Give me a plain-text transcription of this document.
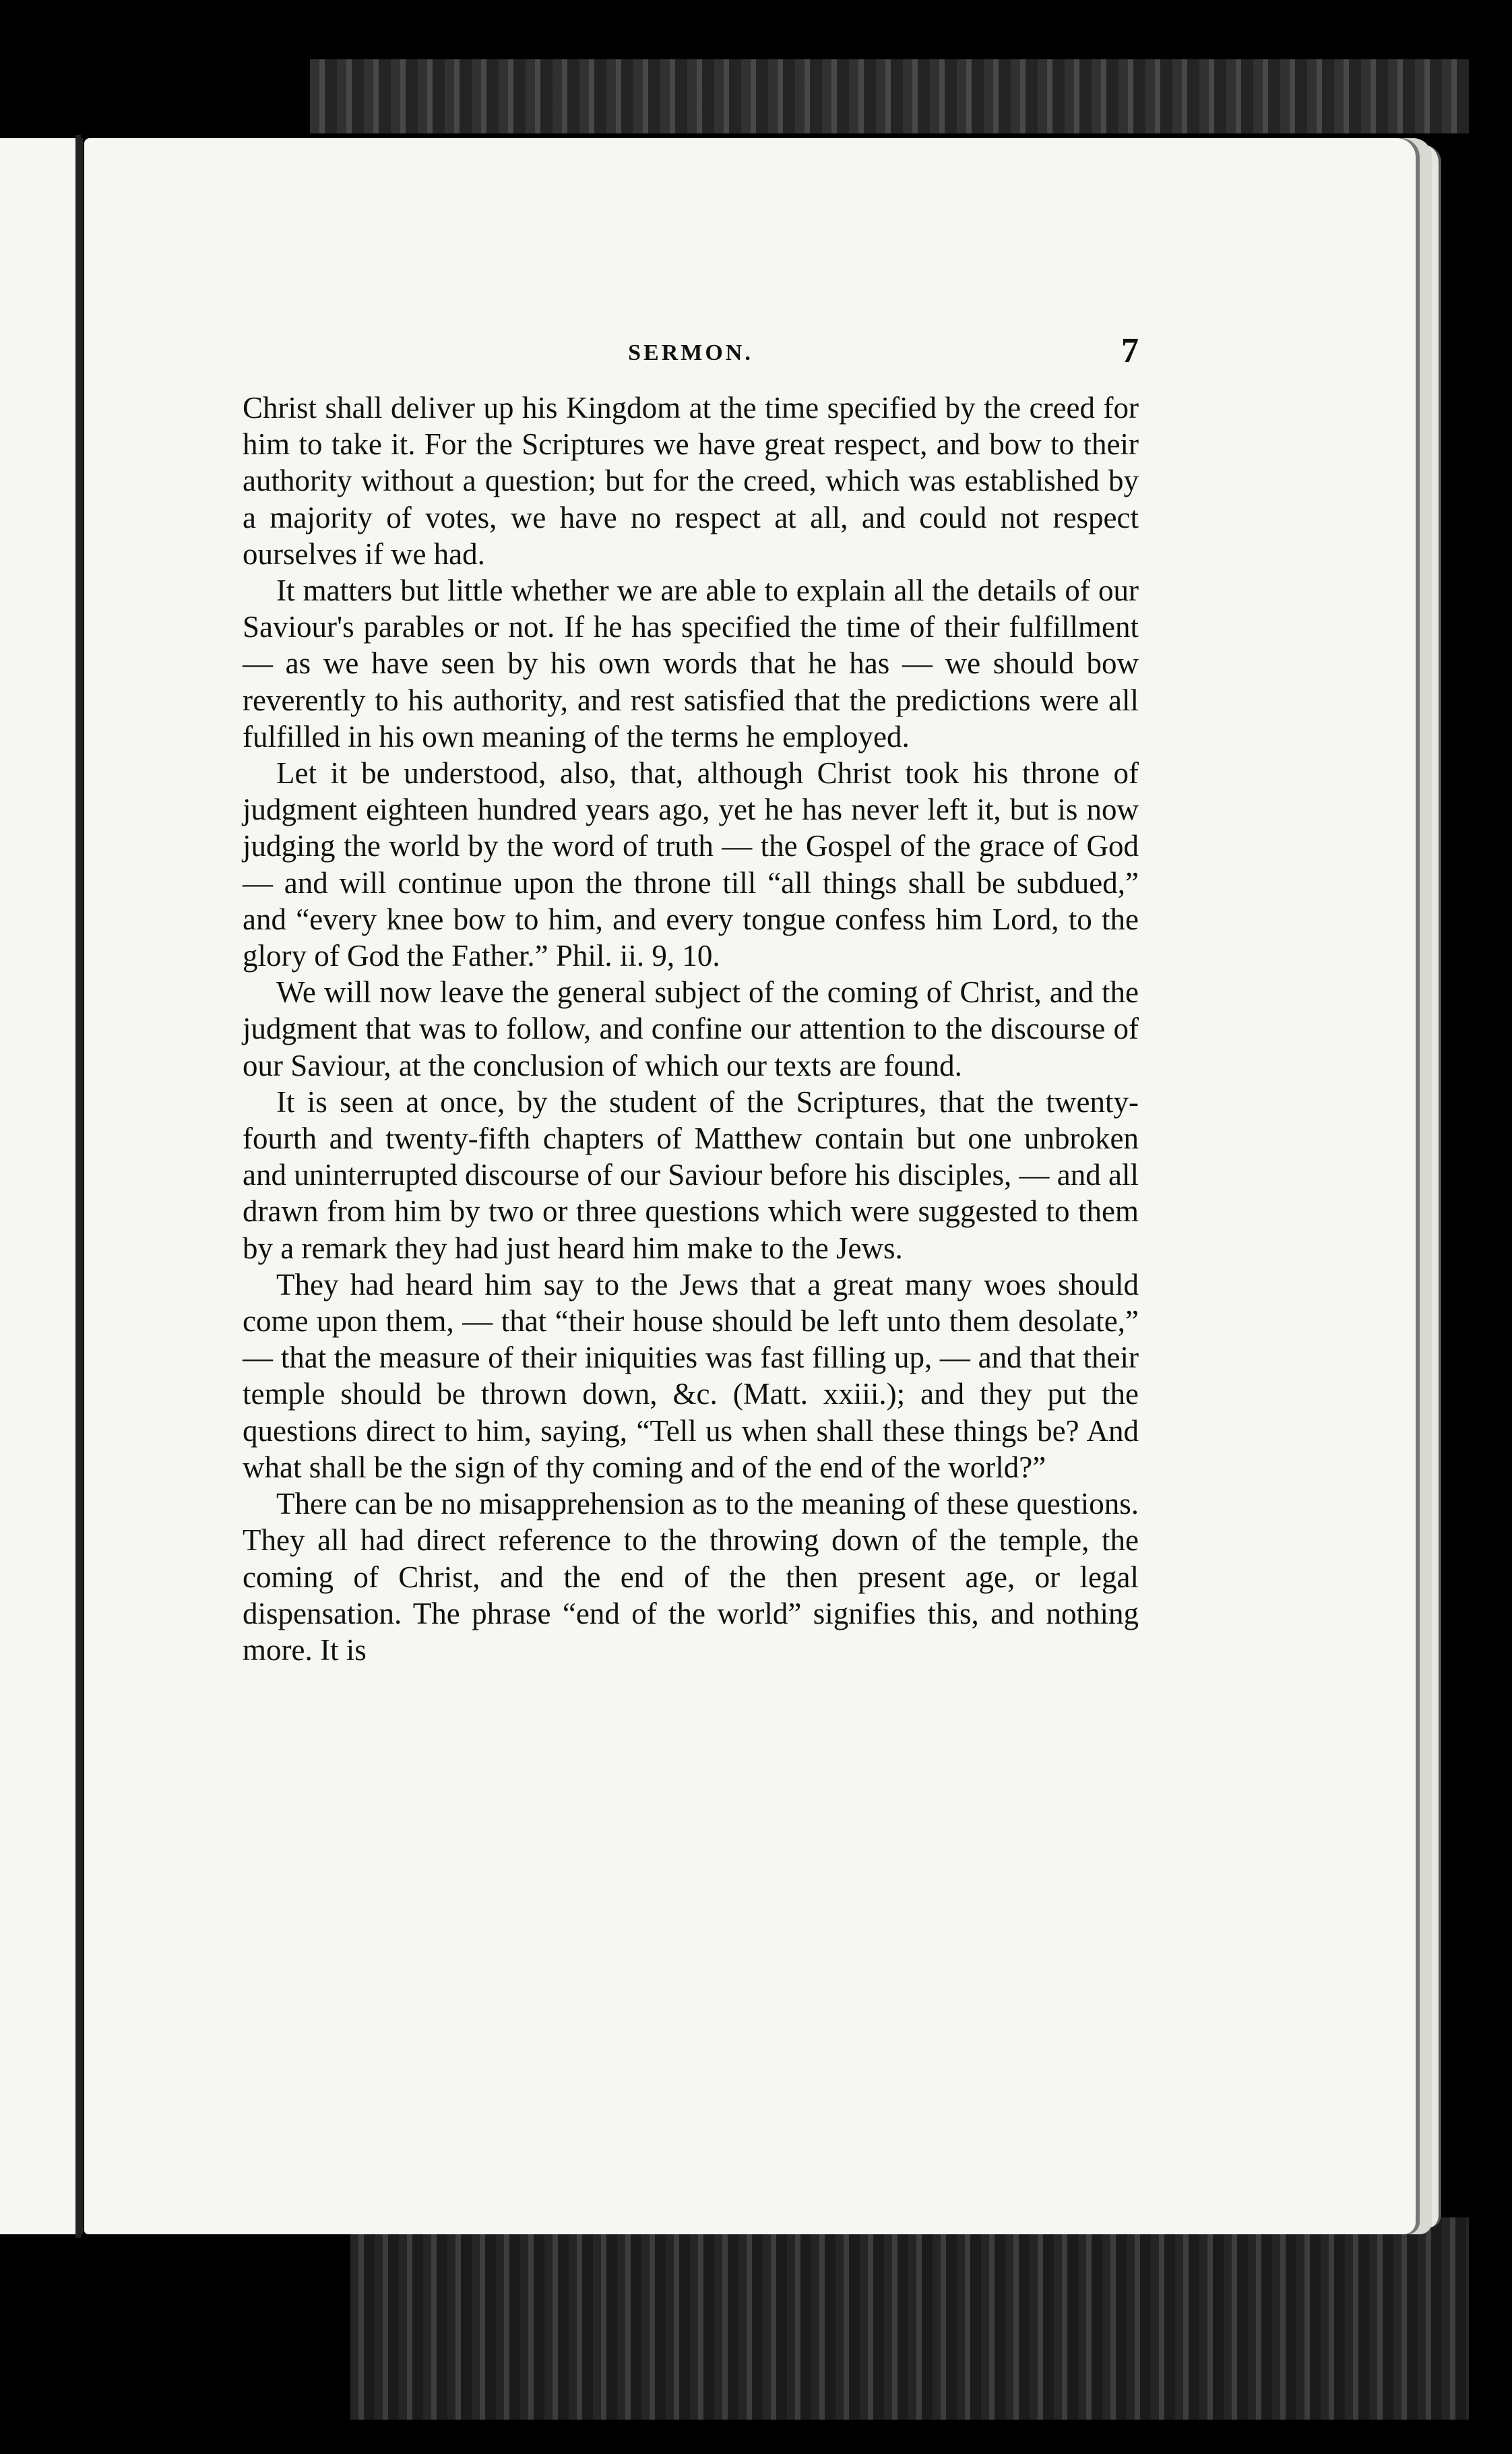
SERMON.	7

Christ shall deliver up his Kingdom at the time specified by the creed for him to take it. For the Scriptures we have great respect, and bow to their authority without a question; but for the creed, which was established by a majority of votes, we have no respect at all, and could not respect ourselves if we had.

It matters but little whether we are able to explain all the details of our Saviour's parables or not. If he has specified the time of their fulfillment — as we have seen by his own words that he has — we should bow reverently to his authority, and rest satisfied that the predictions were all fulfilled in his own meaning of the terms he employed.

Let it be understood, also, that, although Christ took his throne of judgment eighteen hundred years ago, yet he has never left it, but is now judging the world by the word of truth — the Gospel of the grace of God — and will continue upon the throne till “all things shall be subdued,” and “every knee bow to him, and every tongue confess him Lord, to the glory of God the Father.” Phil. ii. 9, 10.

We will now leave the general subject of the coming of Christ, and the judgment that was to follow, and confine our attention to the discourse of our Saviour, at the conclusion of which our texts are found.

It is seen at once, by the student of the Scriptures, that the twenty-fourth and twenty-fifth chapters of Matthew contain but one unbroken and uninterrupted discourse of our Saviour before his disciples, — and all drawn from him by two or three questions which were suggested to them by a remark they had just heard him make to the Jews.

They had heard him say to the Jews that a great many woes should come upon them, — that “their house should be left unto them desolate,” — that the measure of their iniquities was fast filling up, — and that their temple should be thrown down, &c. (Matt. xxiii.); and they put the questions direct to him, saying, “Tell us when shall these things be? And what shall be the sign of thy coming and of the end of the world?”

There can be no misapprehension as to the meaning of these questions. They all had direct reference to the throwing down of the temple, the coming of Christ, and the end of the then present age, or legal dispensation. The phrase “end of the world” signifies this, and nothing more. It is
